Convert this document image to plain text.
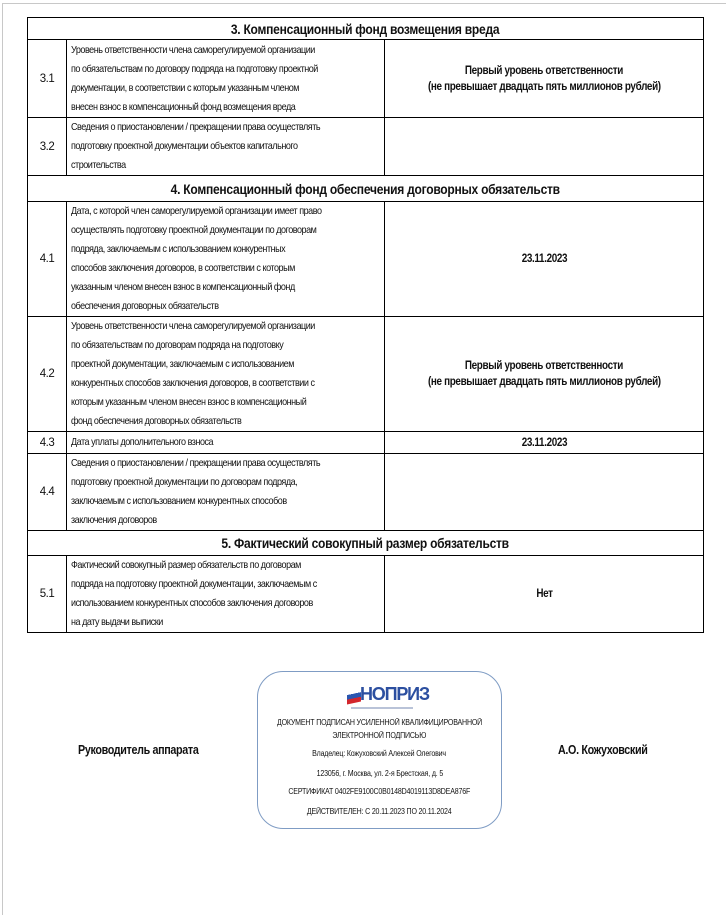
3. Компенсационный фонд возмещения вреда		
3.1	Уровень ответственности члена саморегулируемой организации
по обязательствам по договору подряда на подготовку проектной
документации, в соответствии с которым указанным членом
внесен взнос в компенсационный фонд возмещения вреда	Первый уровень ответственности
(не превышает двадцать пять миллионов рублей)
3.2	Сведения о приостановлении / прекращении права осуществлять
подготовку проектной документации объектов капитального
строительства	
4. Компенсационный фонд обеспечения договорных обязательств		
4.1	Дата, с которой член саморегулируемой организации имеет право
осуществлять подготовку проектной документации по договорам
подряда, заключаемым с использованием конкурентных
способов заключения договоров, в соответствии с которым
указанным членом внесен взнос в компенсационный фонд
обеспечения договорных обязательств	23.11.2023
4.2	Уровень ответственности члена саморегулируемой организации
по обязательствам по договорам подряда на подготовку
проектной документации, заключаемым с использованием
конкурентных способов заключения договоров, в соответствии с
которым указанным членом внесен взнос в компенсационный
фонд обеспечения договорных обязательств	Первый уровень ответственности
(не превышает двадцать пять миллионов рублей)
4.3	Дата уплаты дополнительного взноса	23.11.2023
4.4	Сведения о приостановлении / прекращении права осуществлять
подготовку проектной документации по договорам подряда,
заключаемым с использованием конкурентных способов
заключения договоров	
5. Фактический совокупный размер обязательств		
5.1	Фактический совокупный размер обязательств по договорам
подряда на подготовку проектной документации, заключаемым с
использованием конкурентных способов заключения договоров
на дату выдачи выписки	Нет
Руководитель аппарата	А.О. Кожуховский
НОПРИЗ
ДОКУМЕНТ ПОДПИСАН УСИЛЕННОЙ КВАЛИФИЦИРОВАННОЙ
ЭЛЕКТРОННОЙ ПОДПИСЬЮ
Владелец: Кожуховский Алексей Олегович
123056, г. Москва, ул. 2-я Брестская, д. 5
СЕРТИФИКАТ 0402FE9100C0B0148D4019113D8DEA876F
ДЕЙСТВИТЕЛЕН: С 20.11.2023 ПО 20.11.2024
